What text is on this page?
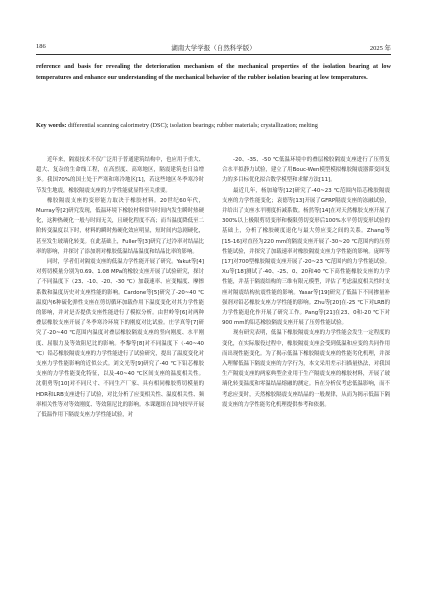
186	湖南大学学报（自然科学版）	2025 年
reference and basis for revealing the deterioration mechanism of the mechanical properties of the isolation bearing at low temperatures and enhance our understanding of the mechanical behavior of the rubber isolation bearing at low temperatures.
Key words: differential scanning calorimetry (DSC); isolation bearings; rubber materials; crystallization; melting

近年来，隔震技术不仅广泛用于普通建筑结构中，也应用于重大、超大、复杂的生命线工程，在高烈度、高寒地区，隔震建筑也日益增多。我国70%的国土处于严寒和寒冷地区[1]，若这些地区冬季寒冷时节发生地震，橡胶隔震支座的力学性能就显得至关重要。

橡胶隔震支座的变形能力取决于橡胶材料。20世纪60年代，Murray等[2]研究发现，低温环境下橡胶材料常导时间内发生瞬时热硬化，这种热硬化一般与时间无关，且硬化程度不高；而当温度降低至二阶转变温度以下时，材料的瞬时热硬化效应明显，短时间内急剧硬化，甚至发生玻璃化转变。在此基础上，Fuller等[3]研究了过冷率对结晶比率的影响，并探讨了添加剂对橡胶低温结晶温度和结晶比率的影响。

同时，学者们对隔震支座的低温力学性能开展了研究。Yakut等[4]对剪切模量分别为0.69、1.08 MPa的橡胶支座开展了试验研究，探讨了不同温度下（23、-10、-20、-30 ℃）加载速率、应变幅度、摩擦系数和温度历史对支座性能的影响。Cardone等[5]研究了-20~40 ℃温度内6种硫化弹性支座在剪切循环加载作用下温度变化对其力学性能的影响，并对是否提供支座性能进行了模拟分析。由世岭等[6]对两种叠层橡胶支座开展了冬季寒冷环境下的刚度对比试验。庄学真等[7]研究了-20~40 ℃范围内温度对叠层橡胶隔震支座的竖向刚度、水平刚度、屈服力及等效阻尼比的影响。李黎等[8]对不同温度下（-40~40 ℃）铅芯橡胶隔震支座的力学性能进行了试验研究，提出了温度变化对支座力学性能影响的近似公式。刘文光等[9]研究了-40 ℃下铅芯橡胶支座的力学性能变化特征，以及-40~40 ℃区间支座的温度相关性。沈朝勇等[10]对不同尺寸、不同生产厂家、具有相同橡胶剪切模量的HDR和LRB支座进行了试验，对比分析了应变相关性、温度相关性、频率相关性等对等效刚度、等效阻尼比的影响。本课题组在国内较早开展了低温作用下隔震支座力学性能试验，对

-20、-35、-50 ℃低温环境中的叠层橡胶隔震支座进行了压剪复合水平拟静力试验，建立了用Bouc-Wen模型模拟橡胶隔震器滞变回复力的多目标优化拟合数学模型和求解方法[11]。

最近几年，杨加瑜等[12]研究了-40~23 ℃范围内铅芯橡胶隔震支座的力学性能变化；袁德等[13]开展了GFRP隔震支座的冻融试验，并给出了支座水平刚度折减系数。杨然等[14]在对天然橡胶支座开展了300%以上极限剪切变形和极限剪切变形后100%水平剪切变形试验的基础上，分析了橡胶硬度退化与最大剪应变之间的关系。Zhang等[15-16]对直径为220 mm的隔震支座开展了-30~20 ℃范围内的压剪性能试验，并探究了加载速率对橡胶隔震支座力学性能的影响。庞晖等[17]对700型橡胶隔震支座开展了-20~23 ℃范围内的力学性能试验。Xu等[18]测试了-40、-25、0、20和40 ℃下高性能橡胶支座的力学性能，并基于隔震结构的三维有限元模型，评估了考虑温度相关性时支座对隔震结构抗震性能的影响。Yasar等[19]研究了低温下不同掺量补强剂对铅芯橡胶支座力学性能的影响。Zhu等[20]在-25 ℃下对LRB的力学性能退化作开展了研究工作。Pang等[21]在23、0和-20 ℃下对900 mm的铅芯橡胶隔震支座开展了压剪性能试验。

现有研究表明，低温下橡胶隔震支座的力学性能会发生一定程度的变化，在实际服役过程中，橡胶隔震支座会受到低温和应变的共同作用而出现性能变化。为了揭示低温下橡胶隔震支座的性能劣化机理，并深入理解低温下隔震支座的力学行为，本文采用差示扫描量热法，对我国生产隔震支座的两家典型企业用于生产隔震支座的橡胶材料，开展了玻璃化转变温度和零温结晶熔融的测定。旨在分析仪考虑低温影响，而不考虑应变时，天然橡胶隔震支座结晶的一般规律，从而为揭示低温下隔震支座的力学性能劣化机理提供参考和依据。
